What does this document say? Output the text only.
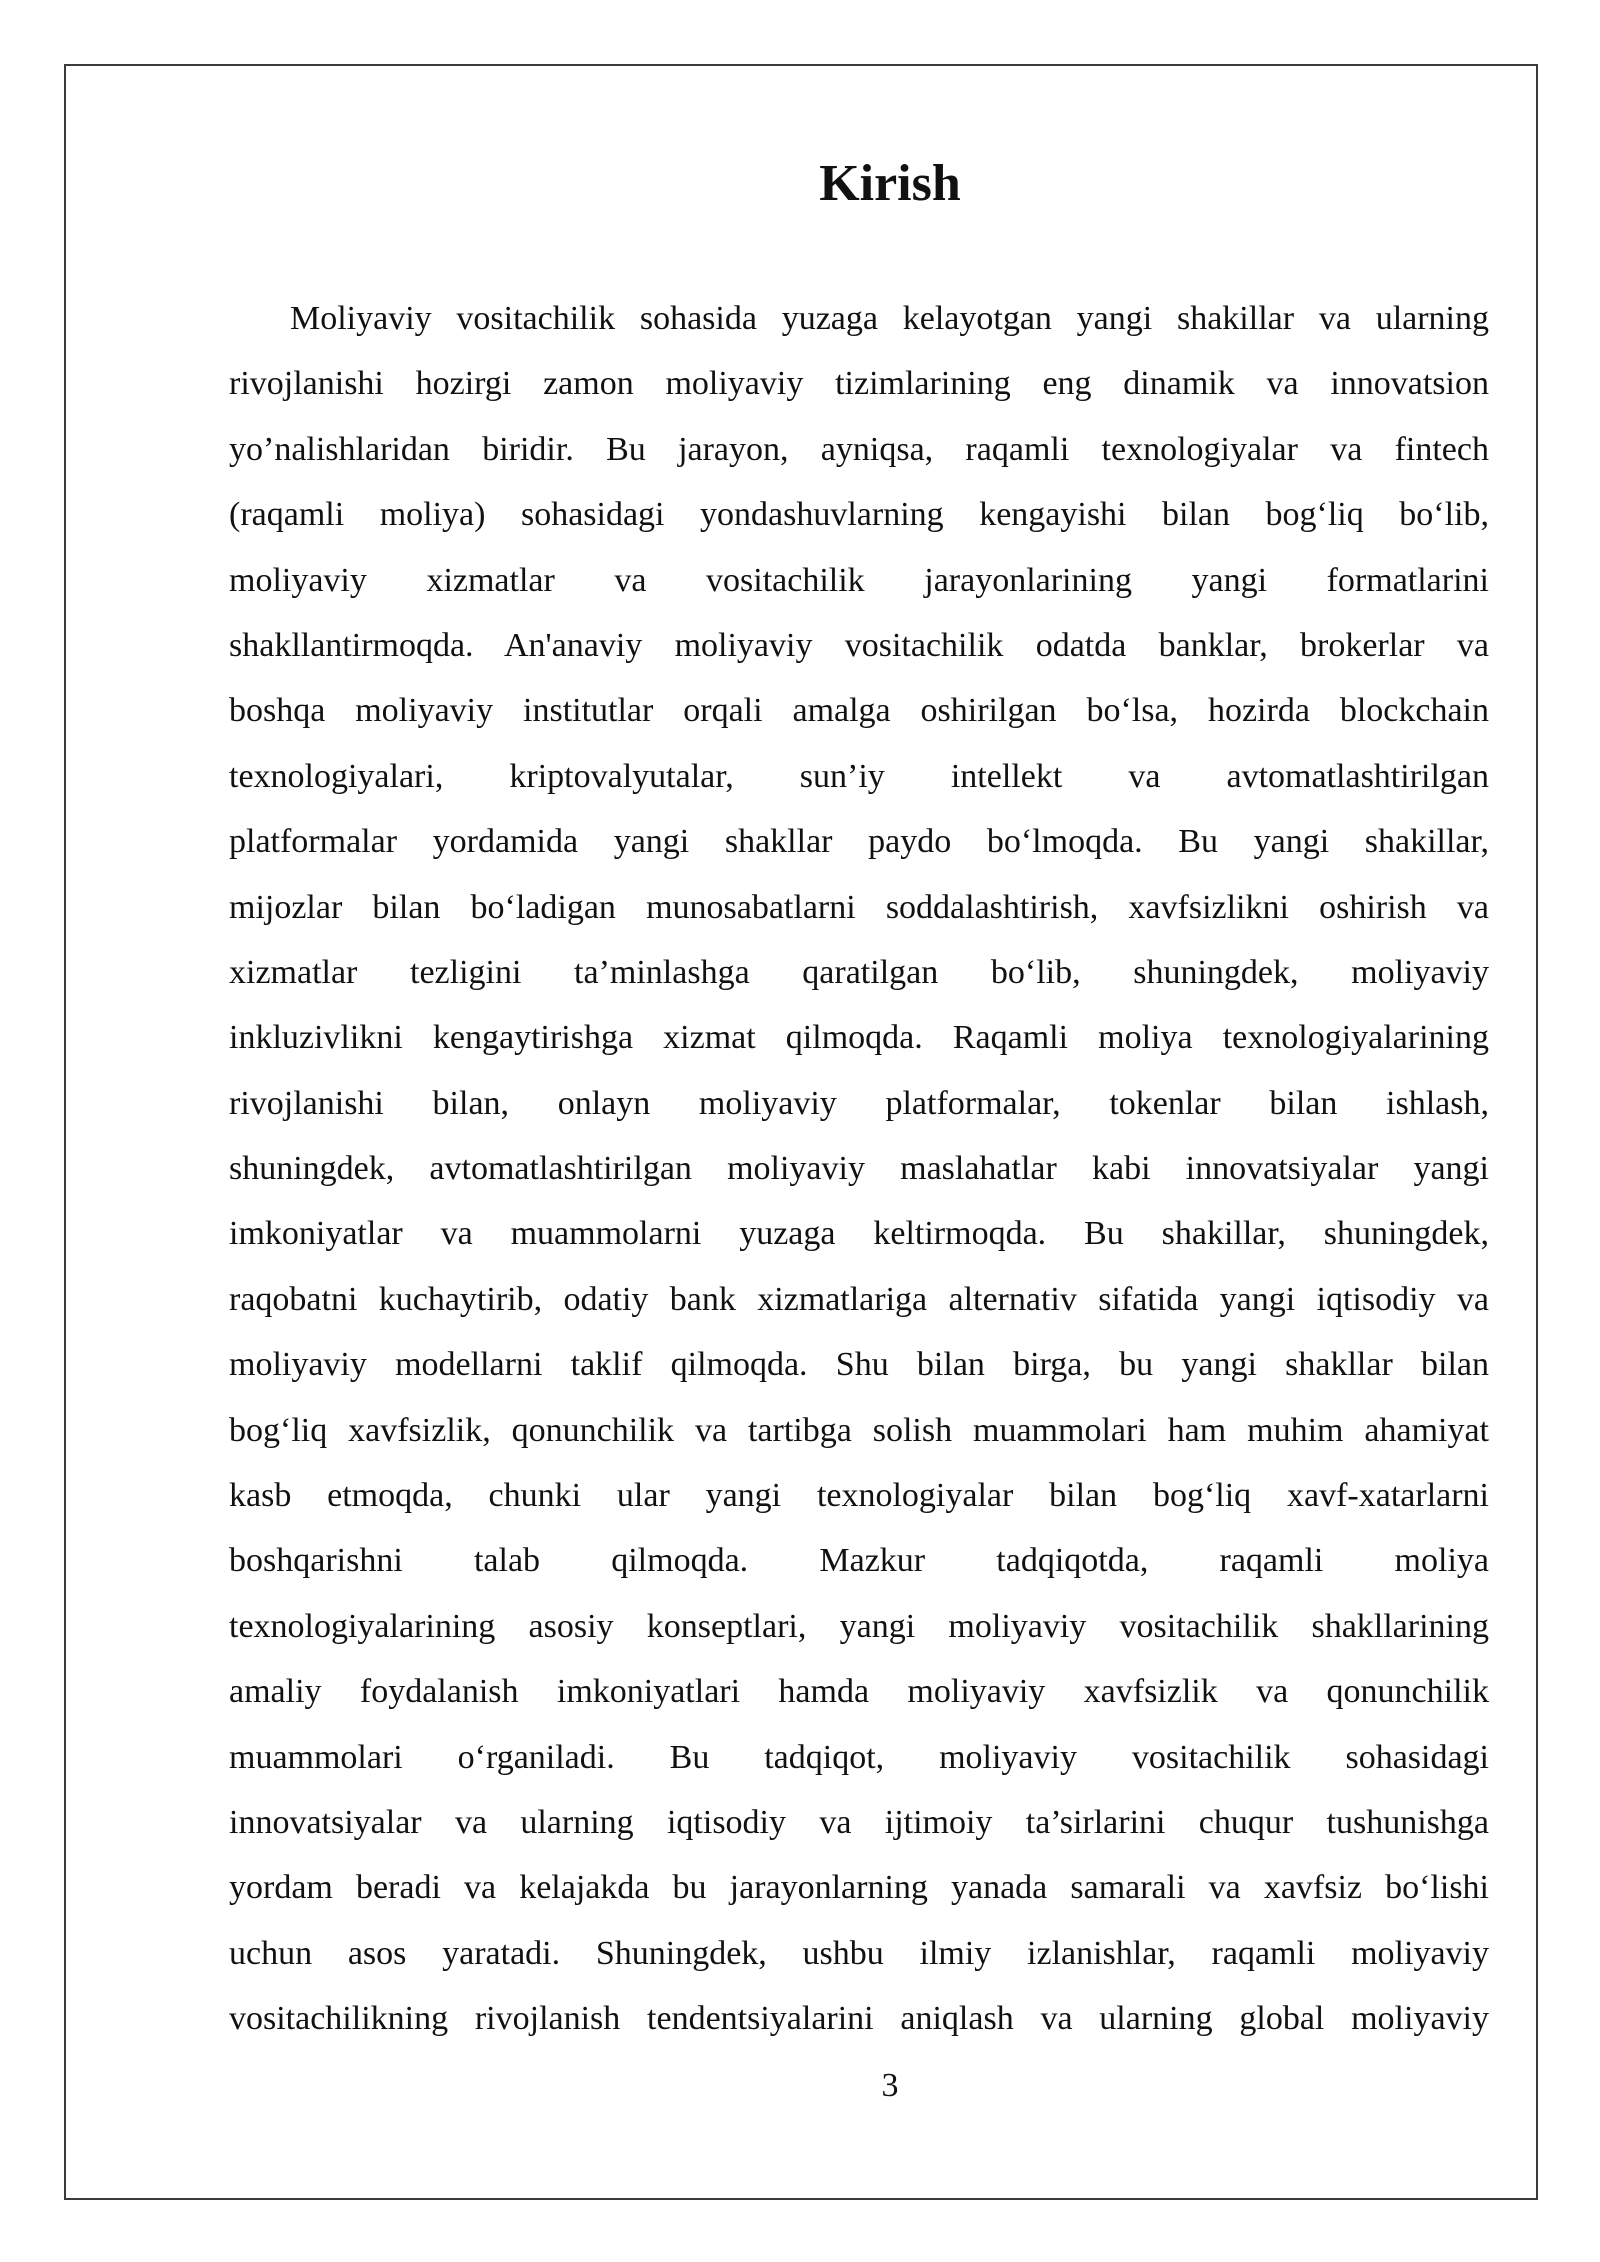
Kirish
Moliyaviy vositachilik sohasida yuzaga kelayotgan yangi shakillar va ularning
rivojlanishi hozirgi zamon moliyaviy tizimlarining eng dinamik va innovatsion
yo’nalishlaridan biridir. Bu jarayon, ayniqsa, raqamli texnologiyalar va fintech
(raqamli moliya) sohasidagi yondashuvlarning kengayishi bilan bog‘liq bo‘lib,
moliyaviy xizmatlar va vositachilik jarayonlarining yangi formatlarini
shakllantirmoqda. An'anaviy moliyaviy vositachilik odatda banklar, brokerlar va
boshqa moliyaviy institutlar orqali amalga oshirilgan bo‘lsa, hozirda blockchain
texnologiyalari, kriptovalyutalar, sun’iy intellekt va avtomatlashtirilgan
platformalar yordamida yangi shakllar paydo bo‘lmoqda. Bu yangi shakillar,
mijozlar bilan bo‘ladigan munosabatlarni soddalashtirish, xavfsizlikni oshirish va
xizmatlar tezligini ta’minlashga qaratilgan bo‘lib, shuningdek, moliyaviy
inkluzivlikni kengaytirishga xizmat qilmoqda. Raqamli moliya texnologiyalarining
rivojlanishi bilan, onlayn moliyaviy platformalar, tokenlar bilan ishlash,
shuningdek, avtomatlashtirilgan moliyaviy maslahatlar kabi innovatsiyalar yangi
imkoniyatlar va muammolarni yuzaga keltirmoqda. Bu shakillar, shuningdek,
raqobatni kuchaytirib, odatiy bank xizmatlariga alternativ sifatida yangi iqtisodiy va
moliyaviy modellarni taklif qilmoqda. Shu bilan birga, bu yangi shakllar bilan
bog‘liq xavfsizlik, qonunchilik va tartibga solish muammolari ham muhim ahamiyat
kasb etmoqda, chunki ular yangi texnologiyalar bilan bog‘liq xavf-xatarlarni
boshqarishni talab qilmoqda. Mazkur tadqiqotda, raqamli moliya
texnologiyalarining asosiy konseptlari, yangi moliyaviy vositachilik shakllarining
amaliy foydalanish imkoniyatlari hamda moliyaviy xavfsizlik va qonunchilik
muammolari o‘rganiladi. Bu tadqiqot, moliyaviy vositachilik sohasidagi
innovatsiyalar va ularning iqtisodiy va ijtimoiy ta’sirlarini chuqur tushunishga
yordam beradi va kelajakda bu jarayonlarning yanada samarali va xavfsiz bo‘lishi
uchun asos yaratadi. Shuningdek, ushbu ilmiy izlanishlar, raqamli moliyaviy
vositachilikning rivojlanish tendentsiyalarini aniqlash va ularning global moliyaviy
3
